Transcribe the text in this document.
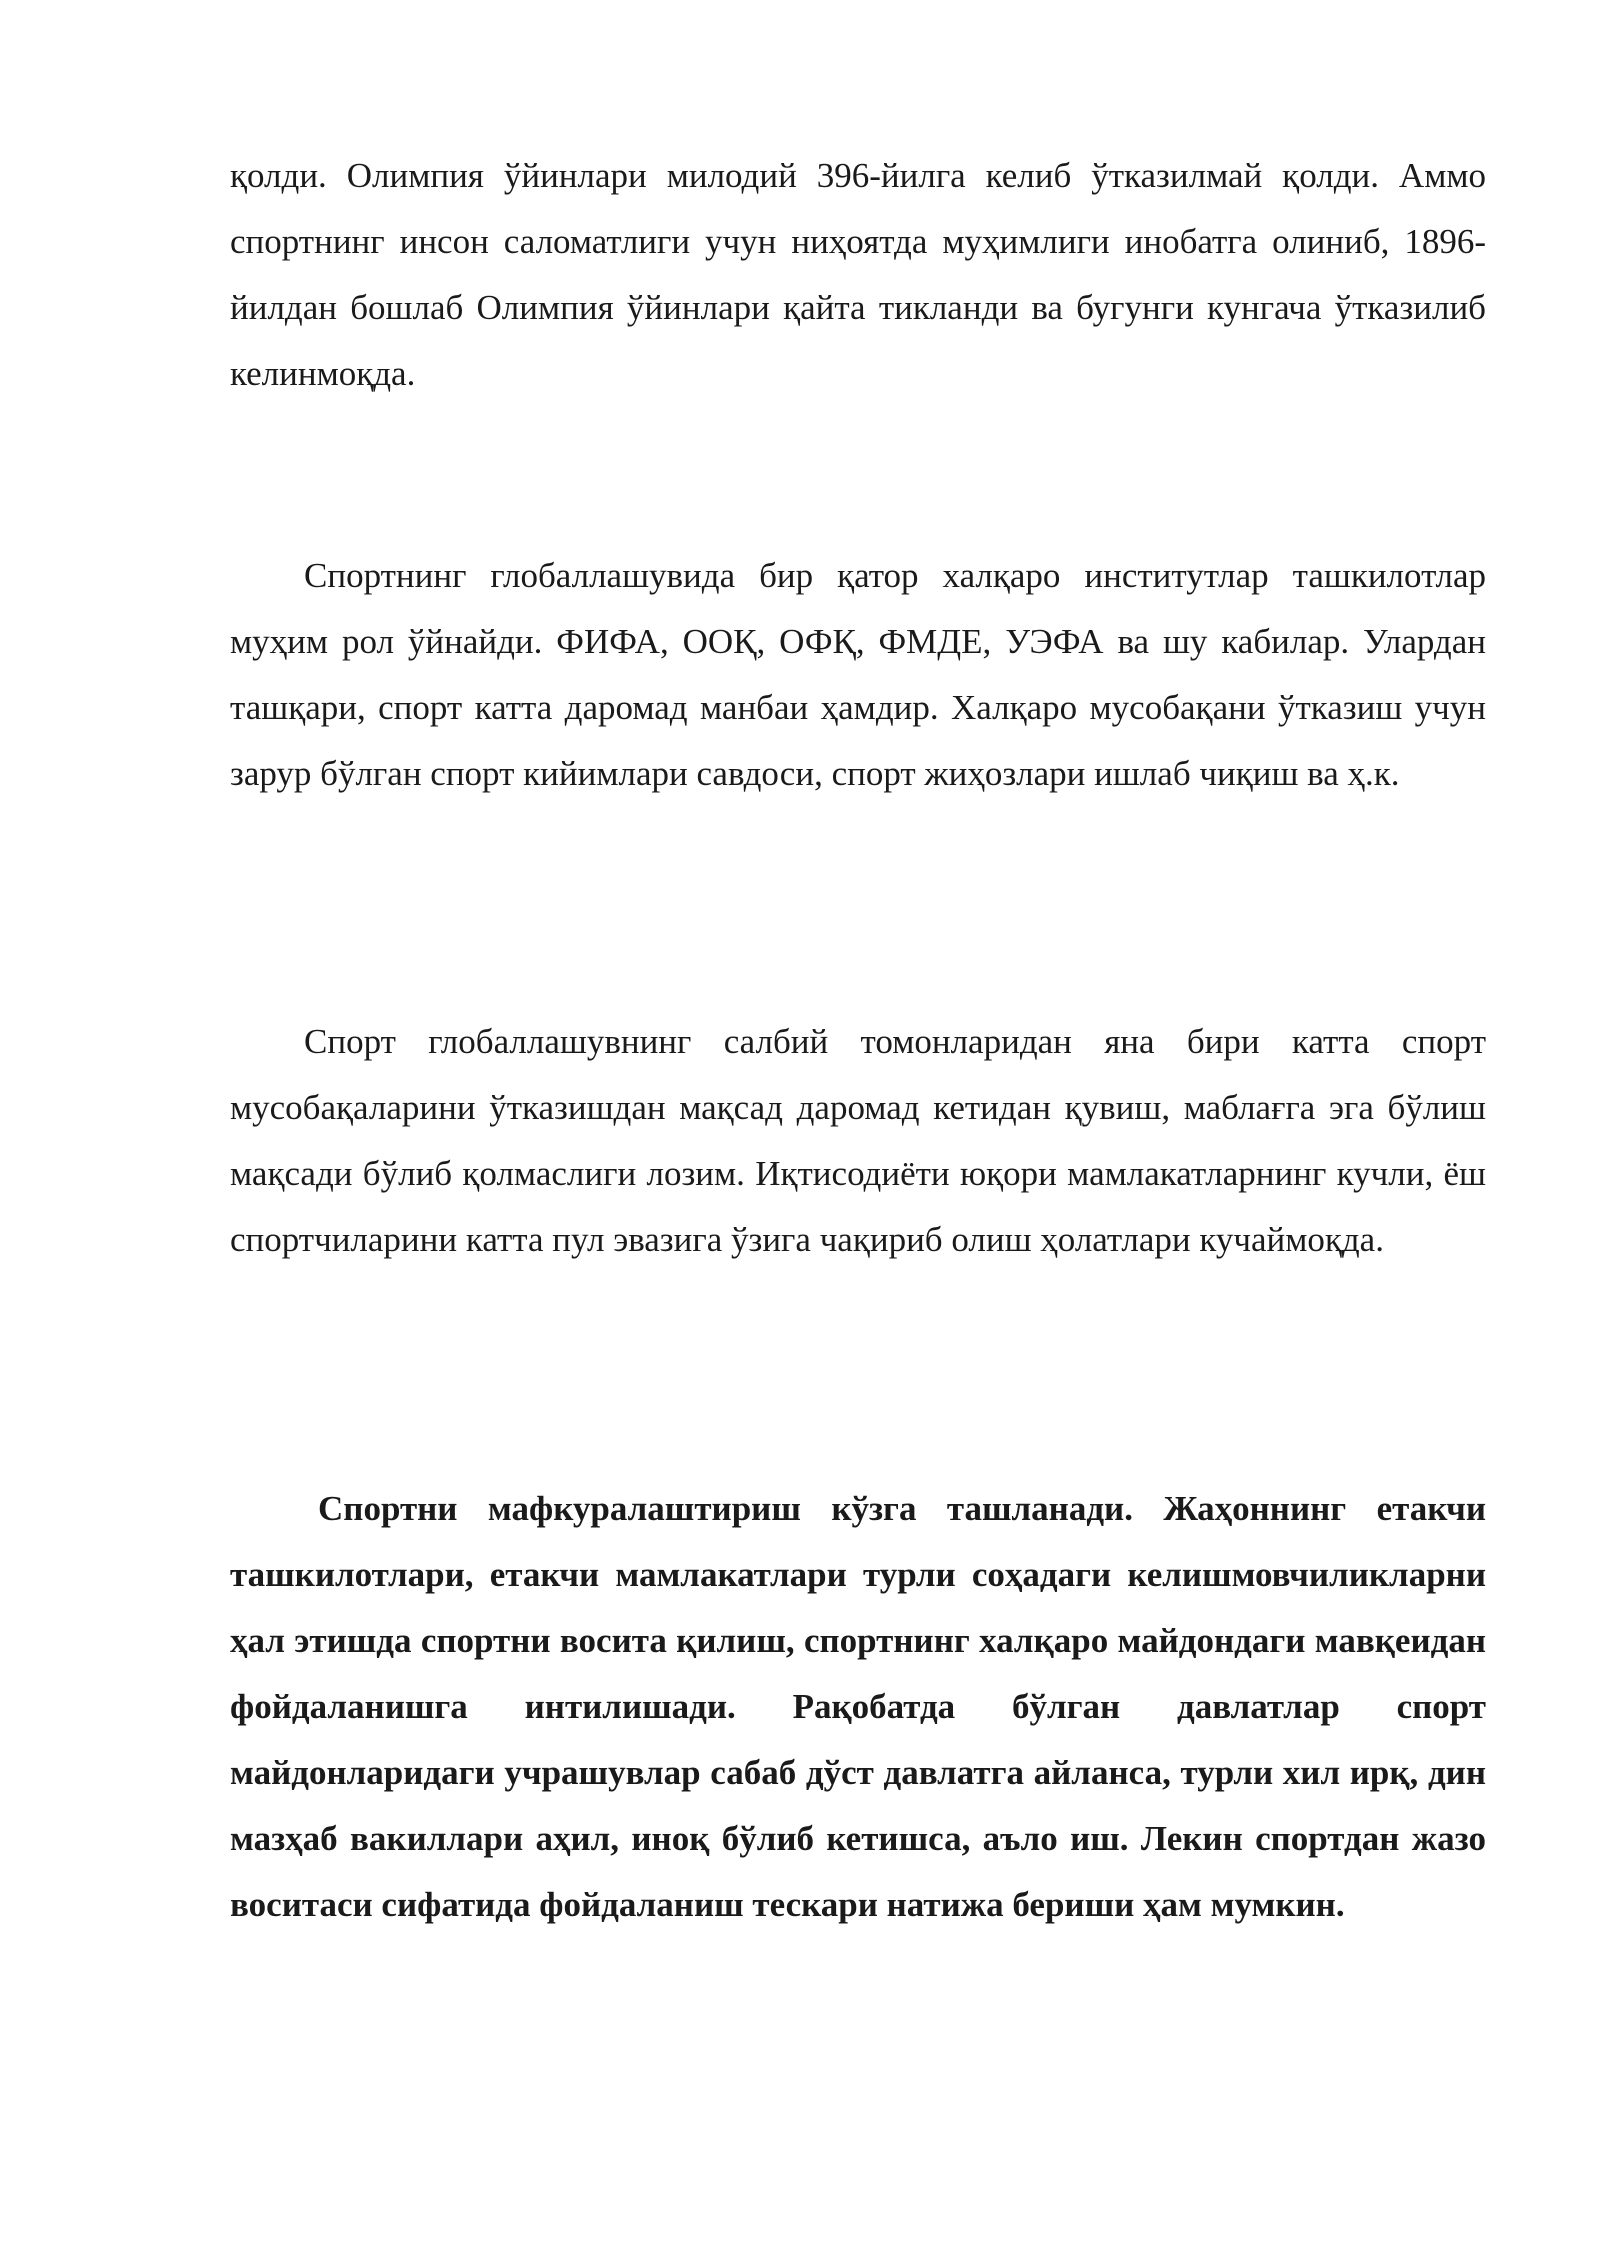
қолди. Олимпия ўйинлари милодий 396-йилга келиб ўтказилмай қолди. Аммо спортнинг инсон саломатлиги учун ниҳоятда муҳимлиги инобатга олиниб, 1896-йилдан бошлаб Олимпия ўйинлари қайта тикланди ва бугунги кунгача ўтказилиб келинмоқда.

Спортнинг глобаллашувида бир қатор халқаро институтлар ташкилотлар муҳим рол ўйнайди. ФИФА, ООҚ, ОФҚ, ФМДЕ, УЭФА ва шу кабилар. Улардан ташқари, спорт катта даромад манбаи ҳамдир. Халқаро мусобақани ўтказиш учун зарур бўлган спорт кийимлари савдоси, спорт жиҳозлари ишлаб чиқиш ва ҳ.к.

Спорт глобаллашувнинг салбий томонларидан яна бири катта спорт мусобақаларини ўтказишдан мақсад даромад кетидан қувиш, маблағга эга бўлиш мақсади бўлиб қолмаслиги лозим. Иқтисодиёти юқори мамлакатларнинг кучли, ёш спортчиларини катта пул эвазига ўзига чақириб олиш ҳолатлари кучаймоқда.

Спортни мафкуралаштириш кўзга ташланади. Жаҳоннинг етакчи ташкилотлари, етакчи мамлакатлари турли соҳадаги келишмовчиликларни ҳал этишда спортни восита қилиш, спортнинг халқаро майдондаги мавқеидан фойдаланишга интилишади. Рақобатда бўлган давлатлар спорт майдонларидаги учрашувлар сабаб дўст давлатга айланса, турли хил ирқ, дин мазҳаб вакиллари аҳил, иноқ бўлиб кетишса, аъло иш. Лекин спортдан жазо воситаси сифатида фойдаланиш тескари натижа бериши ҳам мумкин.
